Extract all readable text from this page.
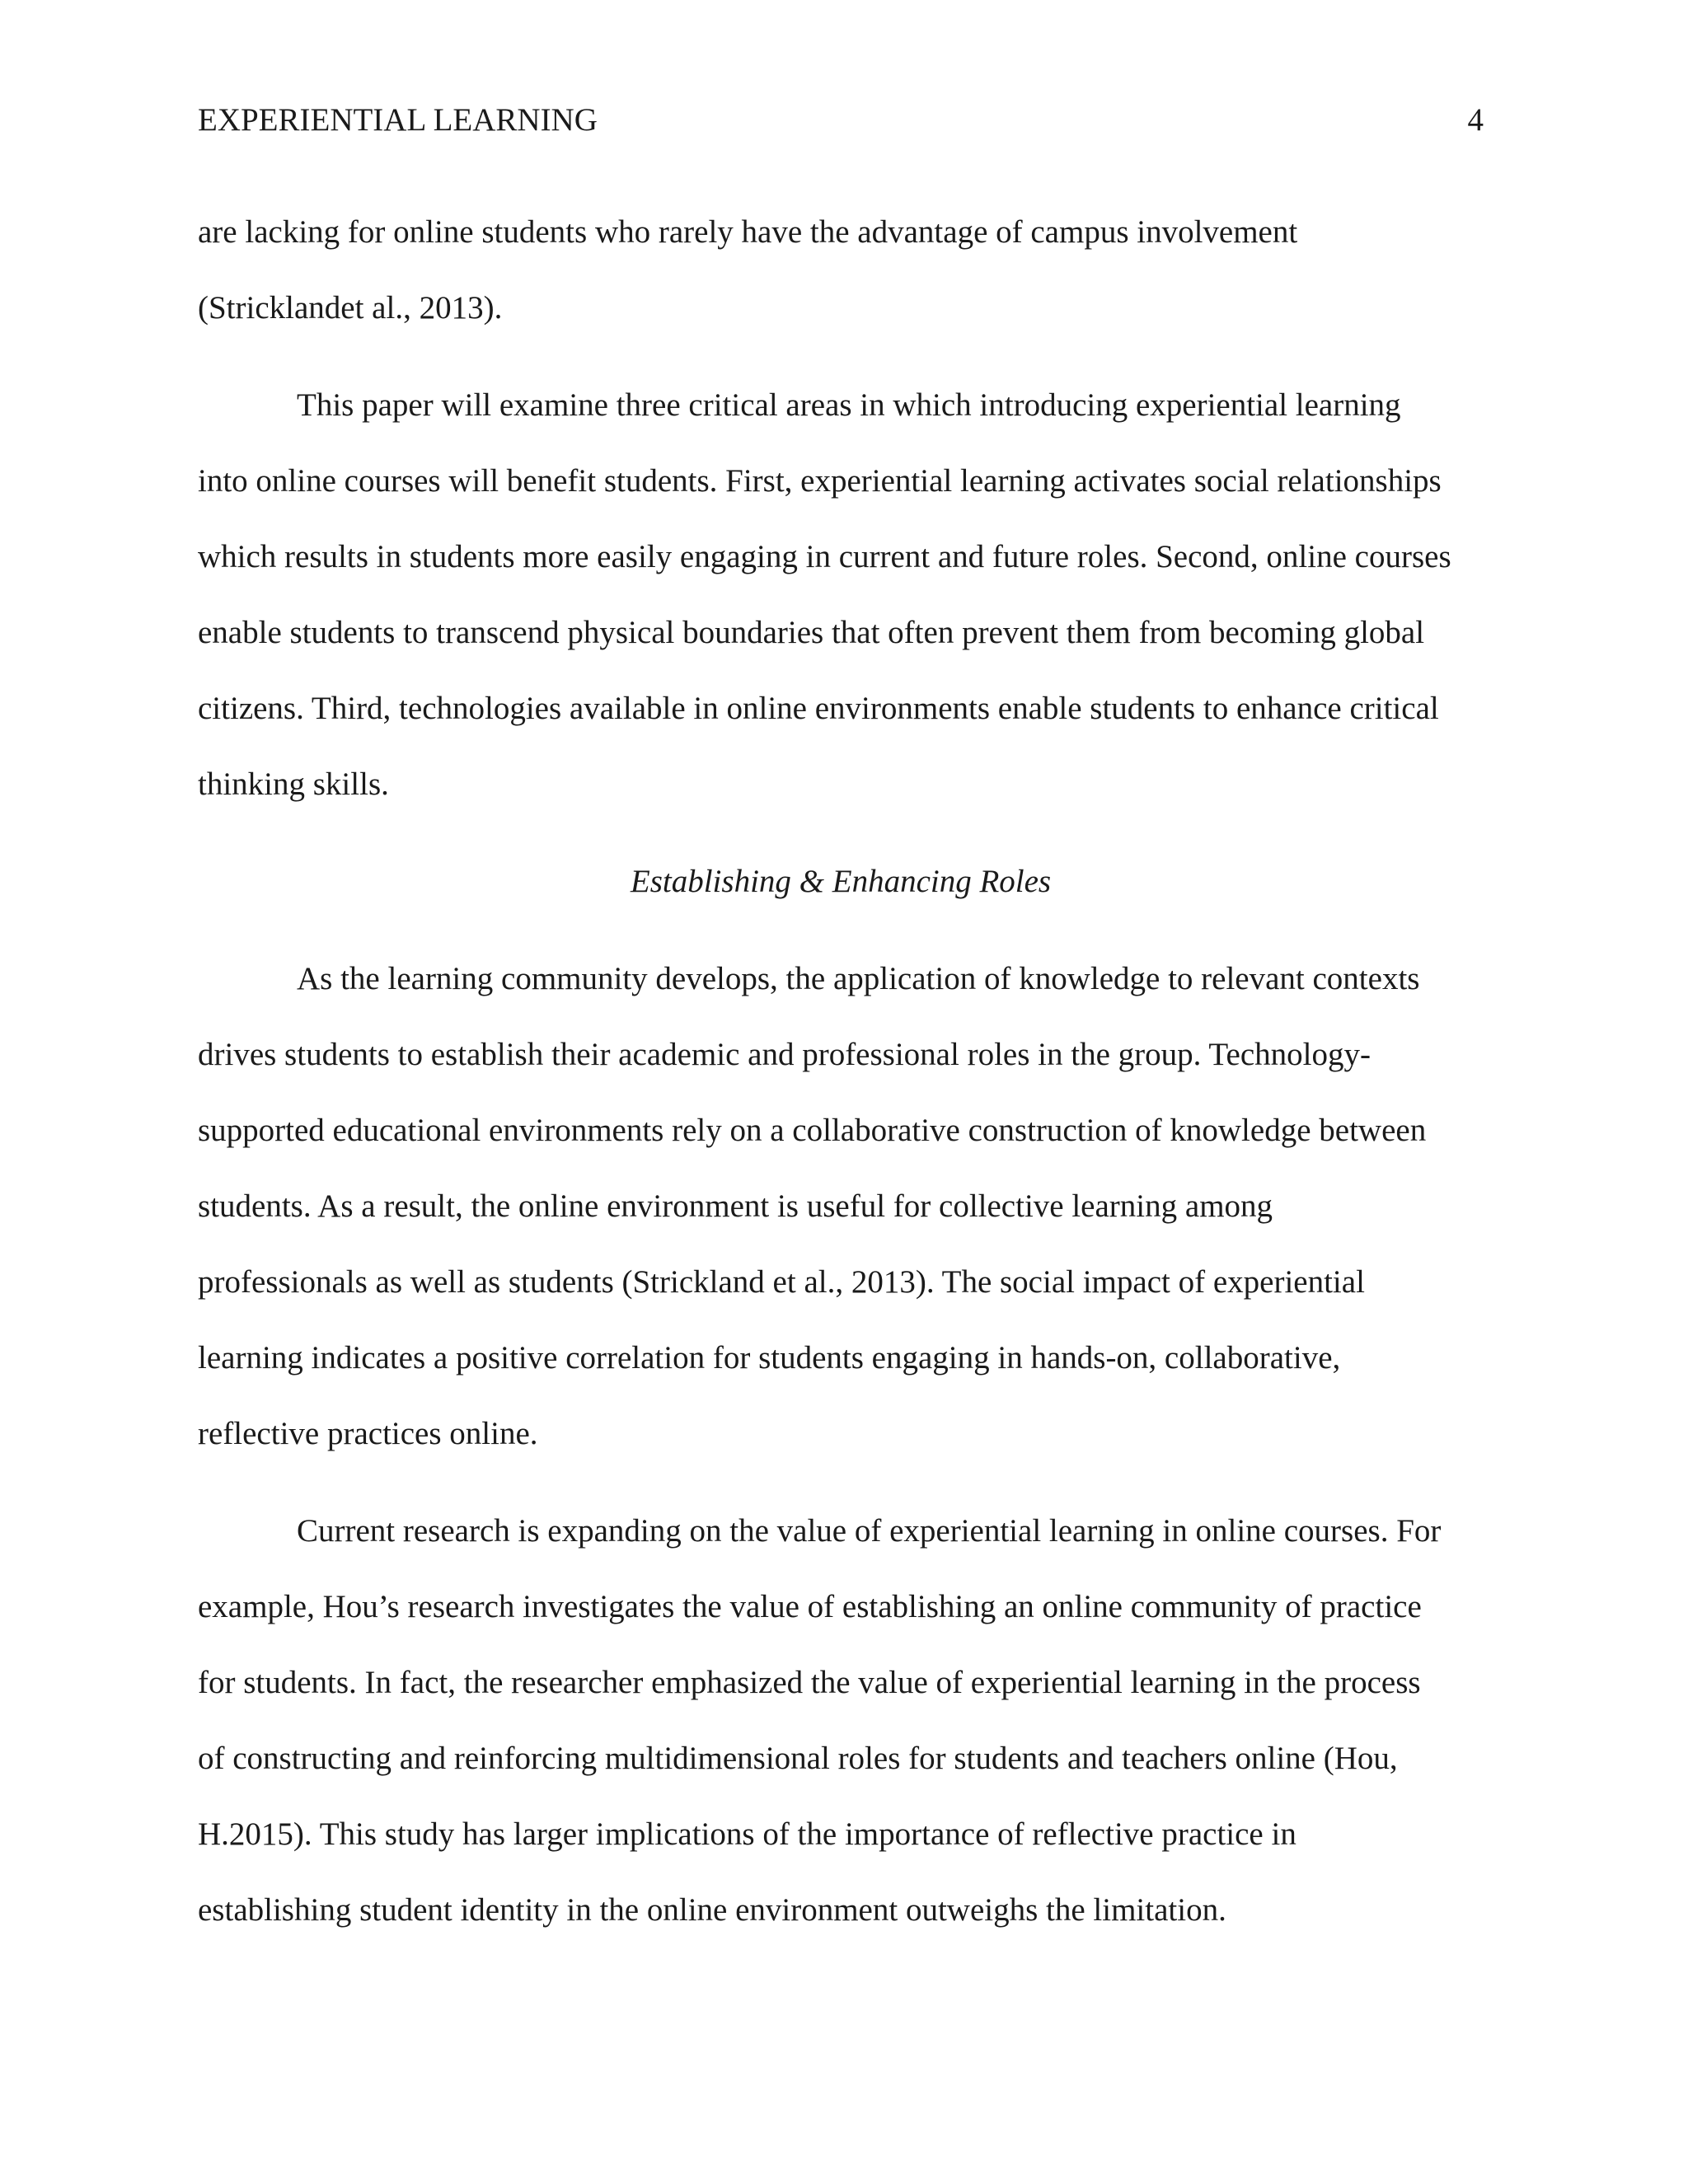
EXPERIENTIAL LEARNING	4
are lacking for online students who rarely have the advantage of campus involvement
(Stricklandet al., 2013).
This paper will examine three critical areas in which introducing experiential learning
into online courses will benefit students. First, experiential learning activates social relationships
which results in students more easily engaging in current and future roles. Second, online courses
enable students to transcend physical boundaries that often prevent them from becoming global
citizens. Third, technologies available in online environments enable students to enhance critical
thinking skills.
Establishing & Enhancing Roles
As the learning community develops, the application of knowledge to relevant contexts
drives students to establish their academic and professional roles in the group. Technology-
supported educational environments rely on a collaborative construction of knowledge between
students. As a result, the online environment is useful for collective learning among
professionals as well as students (Strickland et al., 2013). The social impact of experiential
learning indicates a positive correlation for students engaging in hands-on, collaborative,
reflective practices online.
Current research is expanding on the value of experiential learning in online courses. For
example, Hou’s research investigates the value of establishing an online community of practice
for students. In fact, the researcher emphasized the value of experiential learning in the process
of constructing and reinforcing multidimensional roles for students and teachers online (Hou,
H.2015). This study has larger implications of the importance of reflective practice in
establishing student identity in the online environment outweighs the limitation.
